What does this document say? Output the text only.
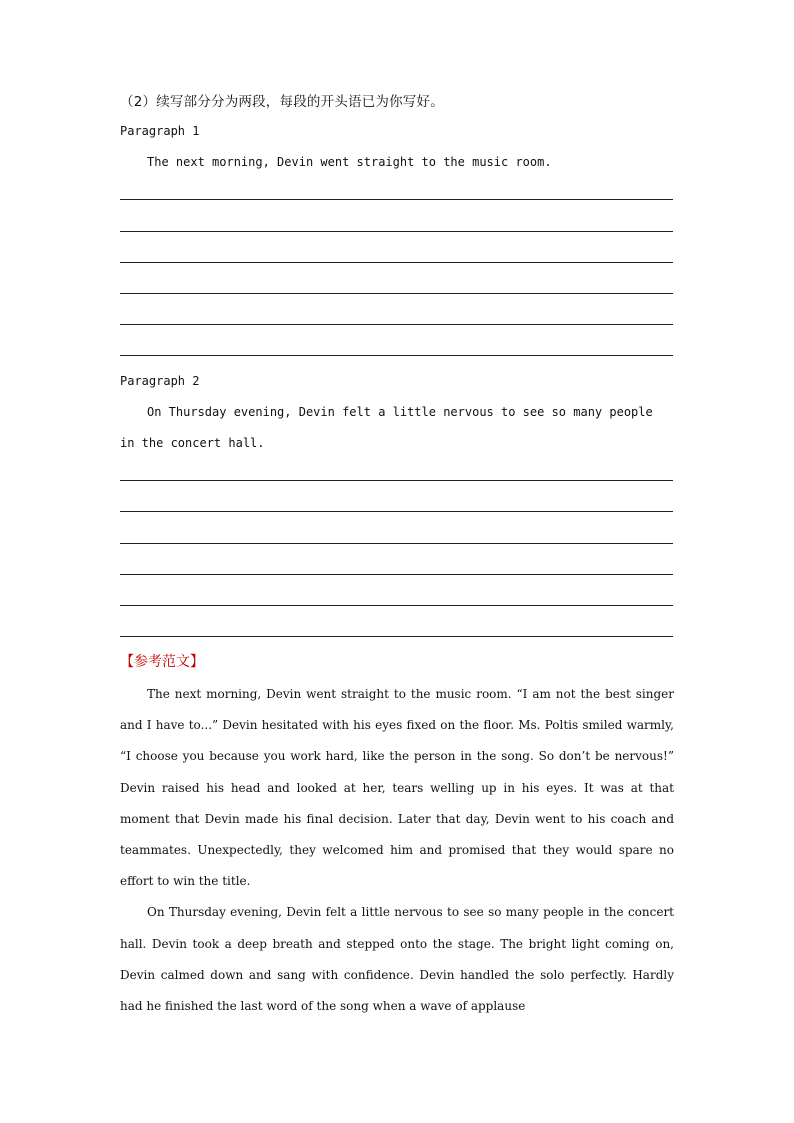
（2）续写部分分为两段，每段的开头语已为你写好。
Paragraph 1
The next morning, Devin went straight to the music room.
Paragraph 2
On Thursday evening, Devin felt a little nervous to see so many people in the concert hall.
【参考范文】

The next morning, Devin went straight to the music room. “I am not the best singer and I have to...” Devin hesitated with his eyes fixed on the floor. Ms. Poltis smiled warmly, “I choose you because you work hard, like the person in the song. So don’t be nervous!” Devin raised his head and looked at her, tears welling up in his eyes. It was at that moment that Devin made his final decision. Later that day, Devin went to his coach and teammates. Unexpectedly, they welcomed him and promised that they would spare no effort to win the title.

On Thursday evening, Devin felt a little nervous to see so many people in the concert hall. Devin took a deep breath and stepped onto the stage. The bright light coming on, Devin calmed down and sang with confidence. Devin handled the solo perfectly. Hardly had he finished the last word of the song when a wave of applause
